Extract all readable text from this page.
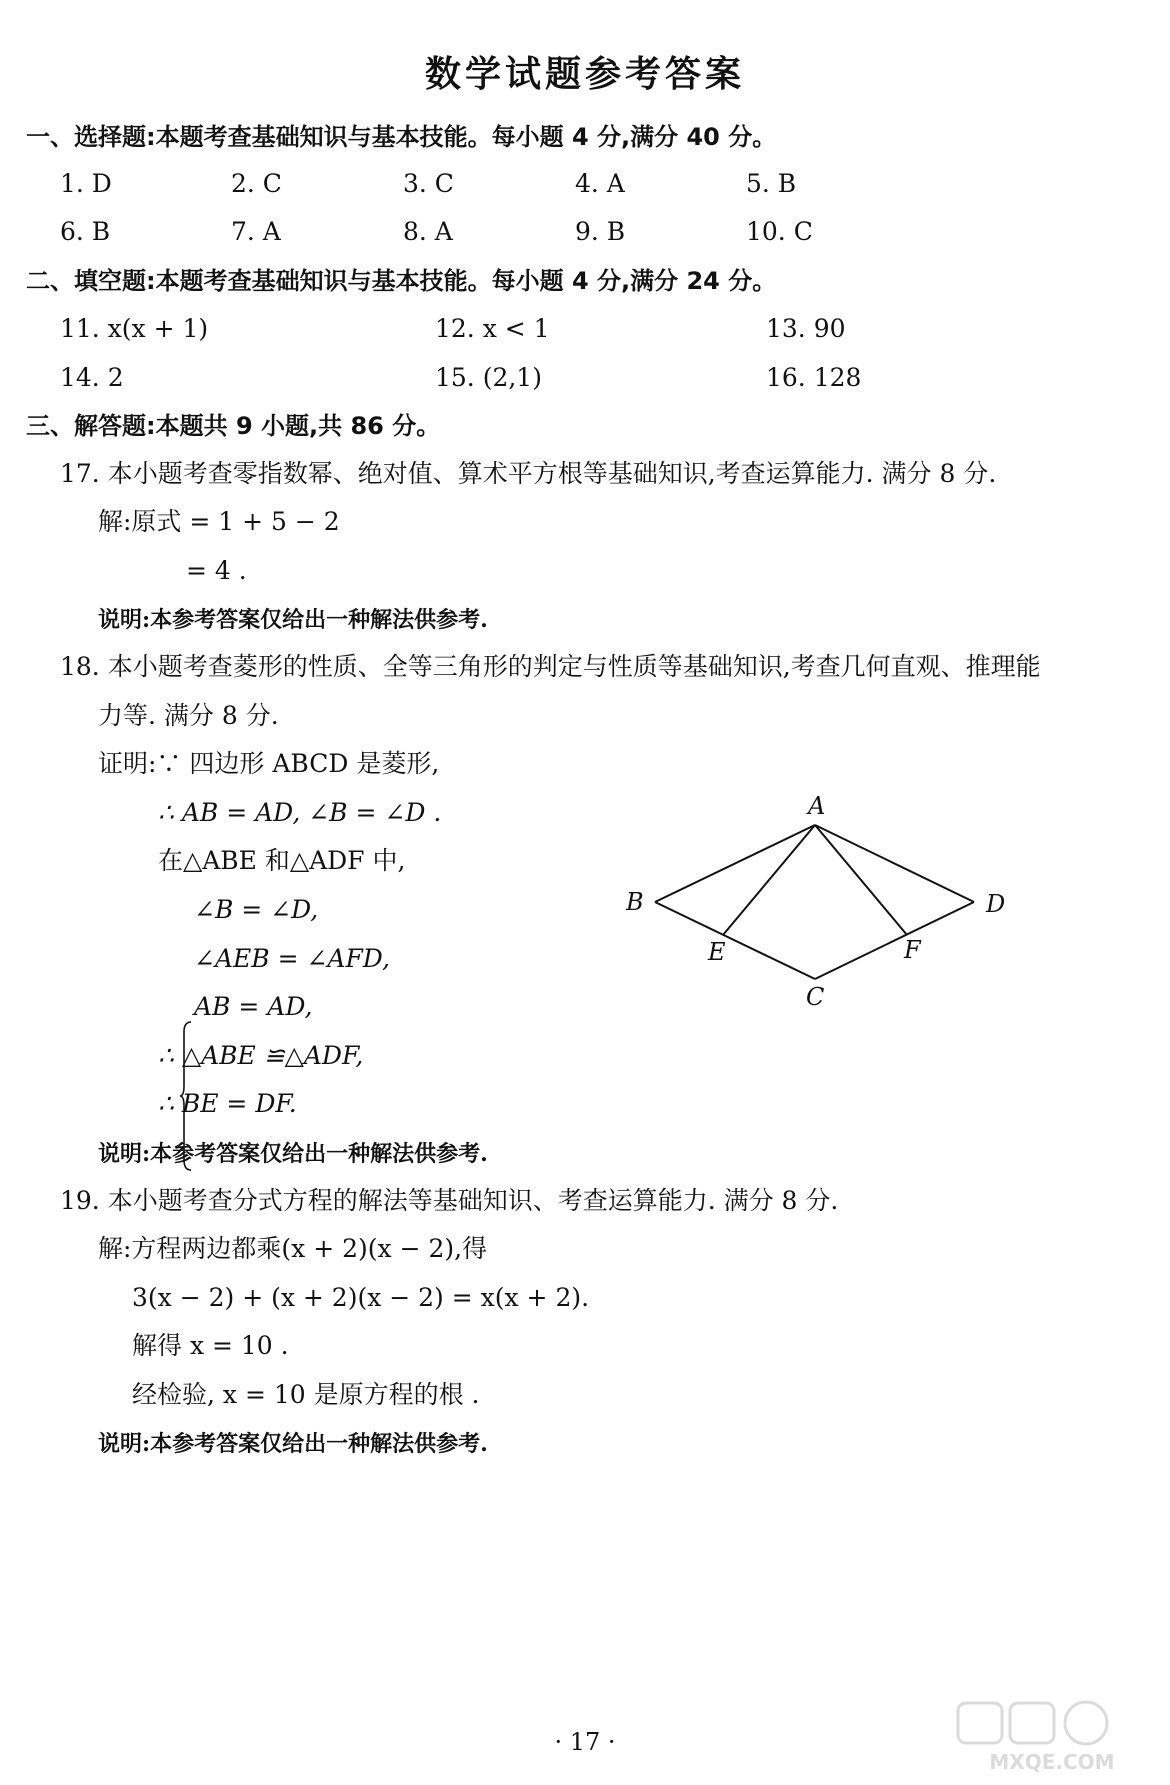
数学试题参考答案
一、选择题:本题考查基础知识与基本技能。每小题 4 分,满分 40 分。
1. D	2. C	3. C	4. A	5. B
6. B	7. A	8. A	9. B	10. C
二、填空题:本题考查基础知识与基本技能。每小题 4 分,满分 24 分。
11. x(x + 1)	12. x < 1	13. 90
14. 2	15. (2,1)	16. 128
三、解答题:本题共 9 小题,共 86 分。
17. 本小题考查零指数幂、绝对值、算术平方根等基础知识,考查运算能力. 满分 8 分.
解:原式 = 1 + 5 − 2
= 4 .
说明:本参考答案仅给出一种解法供参考.
18. 本小题考查菱形的性质、全等三角形的判定与性质等基础知识,考查几何直观、推理能
力等. 满分 8 分.
证明:∵ 四边形 ABCD 是菱形,
∴ AB = AD, ∠B = ∠D .
在△ABE 和△ADF 中,
∠B = ∠D,
∠AEB = ∠AFD,
AB = AD,
∴ △ABE ≌△ADF,
∴ BE = DF.
说明:本参考答案仅给出一种解法供参考.
A
B
C
D
E	F
19. 本小题考查分式方程的解法等基础知识、考查运算能力. 满分 8 分.
解:方程两边都乘(x + 2)(x − 2),得
3(x − 2) + (x + 2)(x − 2) = x(x + 2).
解得 x = 10 .
经检验, x = 10 是原方程的根 .
说明:本参考答案仅给出一种解法供参考.
· 17 ·
MXQE.COM
